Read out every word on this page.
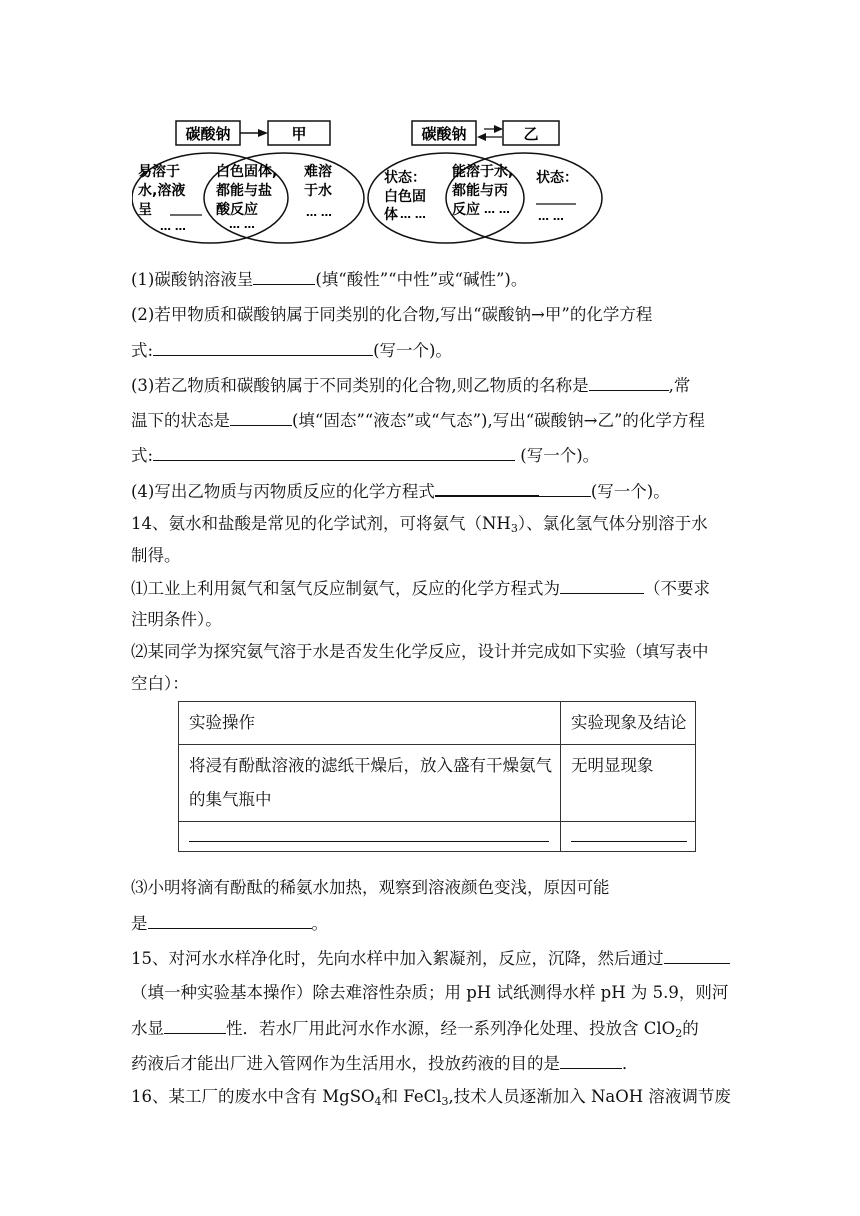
碳酸钠	甲
易溶于
水,溶液
呈
… …
白色固体,
都能与盐
酸反应
… …
难溶
于水
… …
碳酸钠	乙
状态：
白色固
体 … …
能溶于水,
都能与丙
反应 … …
状态：
… …
(1)碳酸钠溶液呈	(填“酸性”“中性”或“碱性”)。
(2)若甲物质和碳酸钠属于同类别的化合物,写出“碳酸钠→甲”的化学方程
式:	(写一个)。
(3)若乙物质和碳酸钠属于不同类别的化合物,则乙物质的名称是	,常
温下的状态是	(填“固态”“液态”或“气态”),写出“碳酸钠→乙”的化学方程
式:	(写一个)。
(4)写出乙物质与丙物质反应的化学方程式	(写一个)。
14、氨水和盐酸是常见的化学试剂，可将氨气$(NH_3)$、氯化氢气体分别溶于水
制得。
⑴工业上利用氮气和氢气反应制氨气，反应的化学方程式为	（不要求
注明条件）。
⑵某同学为探究氨气溶于水是否发生化学反应，设计并完成如下实验（填写表中
空白）：
实验操作	实验现象及结论
将浸有酚酞溶液的滤纸干燥后，放入盛有干燥氨气的集气瓶中	无明显现象

⑶小明将滴有酚酞的稀氨水加热，观察到溶液颜色变浅，原因可能
是	。
15、对河水水样净化时，先向水样中加入絮凝剂，反应，沉降，然后通过
（填一种实验基本操作）除去难溶性杂质；用 pH 试纸测得水样 pH 为 5.9，则河
水显	性．若水厂用此河水作水源，经一系列净化处理、投放含 ClO$_2$的
药液后才能出厂进入管网作为生活用水，投放药液的目的是	．
16、某工厂的废水中含有 MgSO$_4$和 FeCl$_3$,技术人员逐渐加入 NaOH 溶液调节废
